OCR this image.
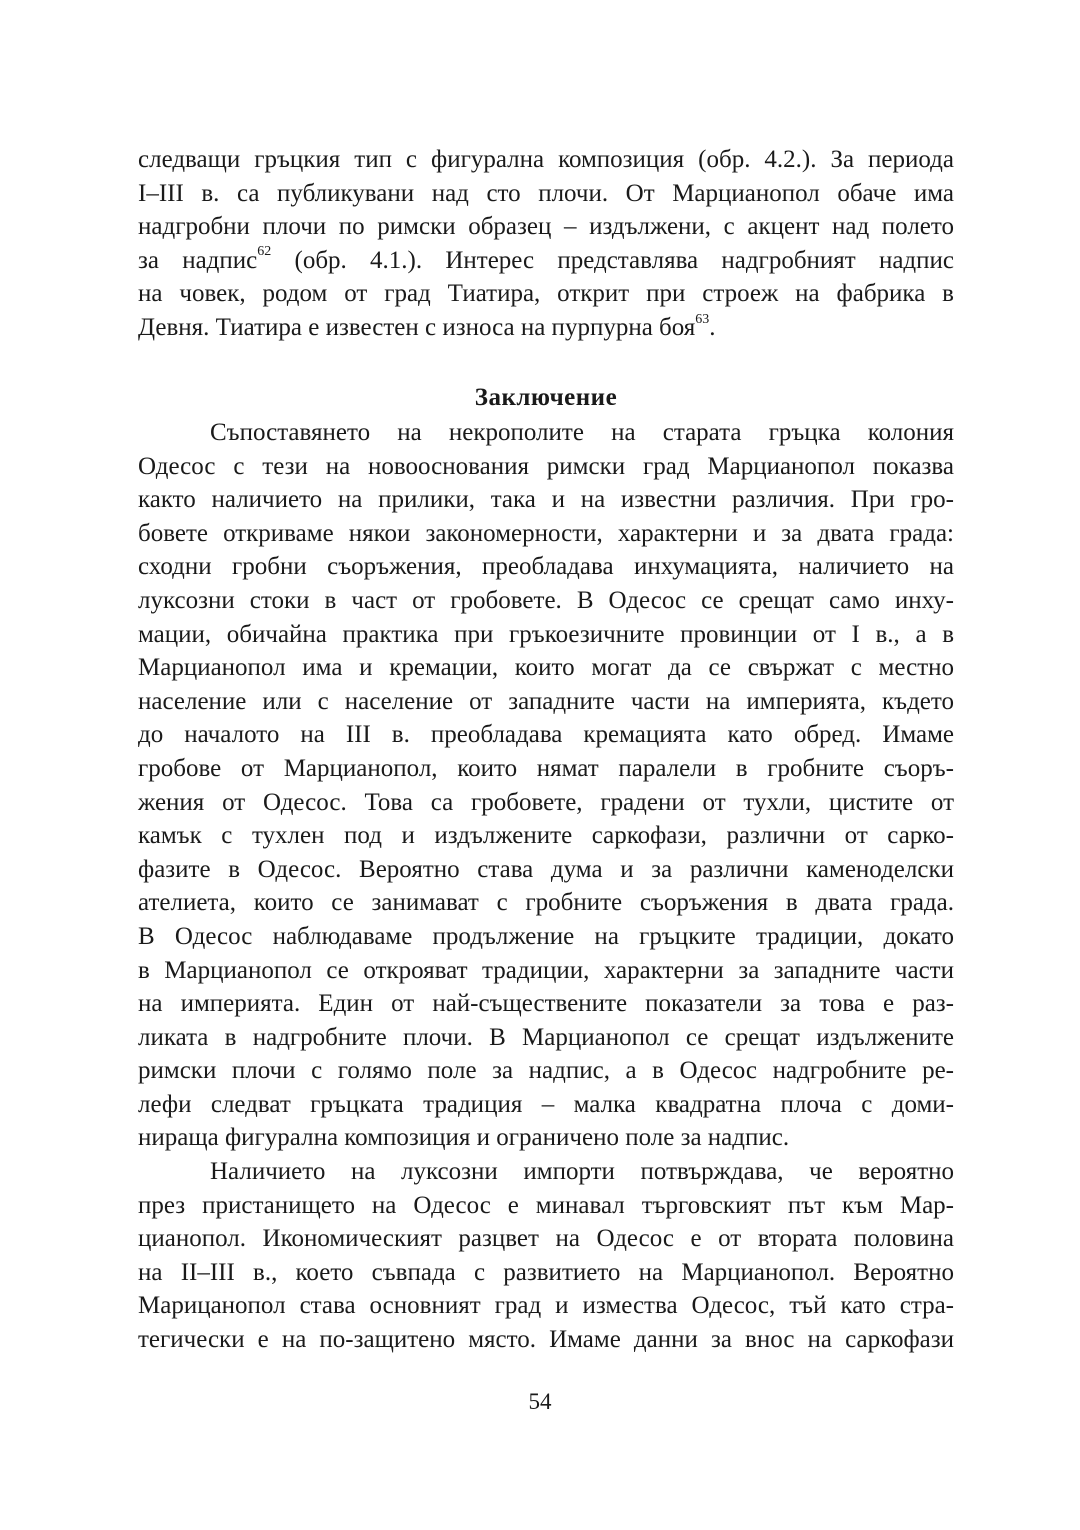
следващи гръцкия тип с фигурална композиция (обр. 4.2.). За периода
I–III в. са публикувани над сто плочи. От Марцианопол обаче има
надгробни плочи по римски образец – издължени, с акцент над полето
за надпис$^{62}$ (обр. 4.1.). Интерес представлява надгробният надпис
на човек, родом от град Тиатира, открит при строеж на фабрика в
Девня. Тиатира е известен с износа на пурпурна боя$^{63}$.
Заключение
Съпоставянето на некрополите на старата гръцка колония
Одесос с тези на новооснования римски град Марцианопол показва
както наличието на прилики, така и на известни различия. При гро-
бовете откриваме някои закономерности, характерни и за двата града:
сходни гробни съоръжения, преобладава инхумацията, наличието на
луксозни стоки в част от гробовете. В Одесос се срещат само инху-
мации, обичайна практика при гръкоезичните провинции от I в., а в
Марцианопол има и кремации, които могат да се свържат с местно
население или с население от западните части на империята, където
до началото на III в. преобладава кремацията като обред. Имаме
гробове от Марцианопол, които нямат паралели в гробните съоръ-
жения от Одесос. Това са гробовете, градени от тухли, цистите от
камък с тухлен под и издължените саркофази, различни от сарко-
фазите в Одесос. Вероятно става дума и за различни каменоделски
ателиета, които се занимават с гробните съоръжения в двата града.
В Одесос наблюдаваме продължение на гръцките традиции, докато
в Марцианопол се открояват традиции, характерни за западните части
на империята. Един от най-съществените показатели за това е раз-
ликата в надгробните плочи. В Марцианопол се срещат издължените
римски плочи с голямо поле за надпис, а в Одесос надгробните ре-
лефи следват гръцката традиция – малка квадратна плоча с доми-
нираща фигурална композиция и ограничено поле за надпис.
Наличието на луксозни импорти потвърждава, че вероятно
през пристанището на Одесос е минавал търговският път към Мар-
цианопол. Икономическият разцвет на Одесос е от втората половина
на II–III в., което съвпада с развитието на Марцианопол. Вероятно
Марицанопол става основният град и измества Одесос, тъй като стра-
тегически е на по-защитено място. Имаме данни за внос на саркофази
54
